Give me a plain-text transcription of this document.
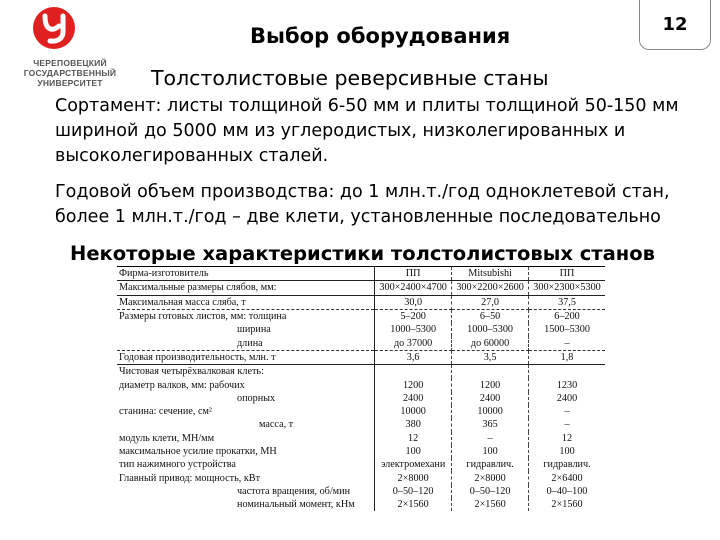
ЧЕРЕПОВЕЦКИЙ
ГОСУДАРСТВЕННЫЙ
УНИВЕРСИТЕТ
Выбор оборудования	12
Толстолистовые реверсивные станы
Сортамент: листы толщиной 6-50 мм и плиты толщиной 50-150 мм шириной до 5000 мм из углеродистых, низколегированных и высоколегированных сталей.
Годовой объем производства: до 1 млн.т./год одноклетевой стан, более 1 млн.т./год – две клети, установленные последовательно
Некоторые характеристики толстолистовых станов
Фирма-изготовитель	ПП	Mitsubishi	ПП
Максимальные размеры слябов, мм:	300×2400×4700	300×2200×2600	300×2300×5300
Максимальная масса сляба, т	30,0	27,0	37,5
Размеры готовых листов, мм: толщина	5–200	6–50	6–200
ширина	1000–5300	1000–5300	1500–5300
длина	до 37000	до 60000	–
Годовая производительность, млн. т	3,6	3,5	1,8
Чистовая четырёхвалковая клеть:			
диаметр валков, мм: рабочих	1200	1200	1230
опорных	2400	2400	2400
станина: сечение, см²	10000	10000	–
масса, т	380	365	–
модуль клети, МН/мм	12	–	12
максимальное усилие прокатки, МН	100	100	100
тип нажимного устройства	электромехани	гидравлич.	гидравлич.
Главный привод: мощность, кВт	2×8000	2×8000	2×6400
частота вращения, об/мин	0–50–120	0–50–120	0–40–100
номинальный момент, кНм	2×1560	2×1560	2×1560
